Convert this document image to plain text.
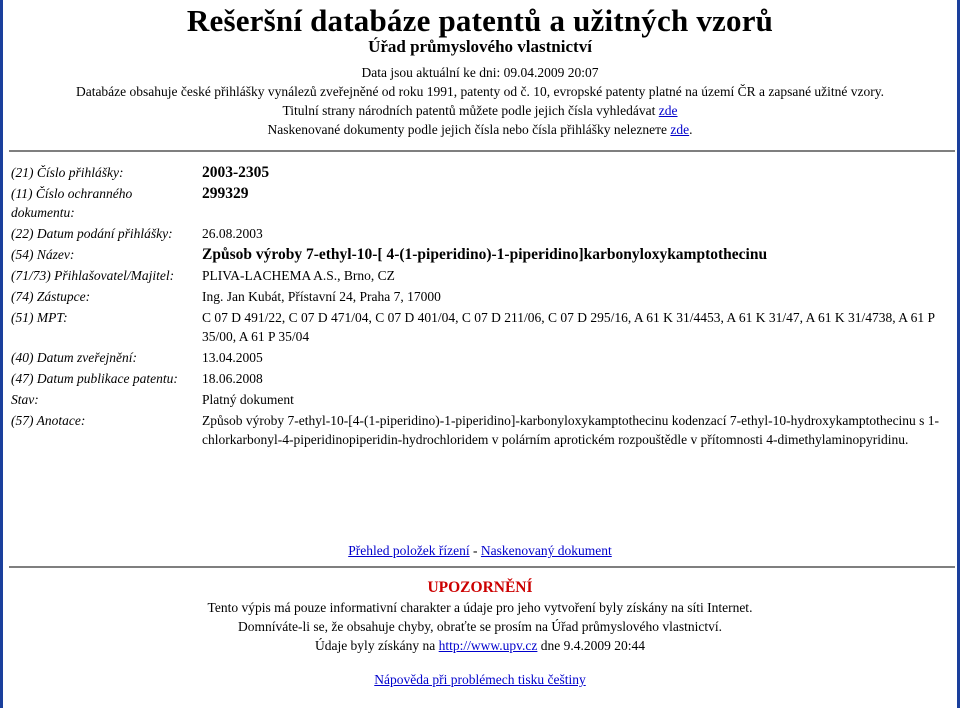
Rešeršní databáze patentů a užitných vzorů
Úřad průmyslového vlastnictví
Data jsou aktuální ke dni: 09.04.2009 20:07
Databáze obsahuje české přihlášky vynálezů zveřejněné od roku 1991, patenty od č. 10, evropské patenty platné na území ČR a zapsané užitné vzory.
Titulní strany národních patentů můžete podle jejich čísla vyhledávat zde
Naskenované dokumenty podle jejich čísla nebo čísla přihlášky nelezneте zde.
(21) Číslo přihlášky:	2003-2305
(11) Číslo ochranného dokumentu:
299329
(22) Datum podání přihlášky:	26.08.2003
(54) Název:	Způsob výroby 7-ethyl-10-[ 4-(1-piperidino)-1-piperidino]karbonyloxykamptothecinu
(71/73) Přihlašovatel/Majitel:	PLIVA-LACHEMA A.S., Brno, CZ
(74) Zástupce:	Ing. Jan Kubát, Přístavní 24, Praha 7, 17000
(51) MPT:	C 07 D 491/22, C 07 D 471/04, C 07 D 401/04, C 07 D 211/06, C 07 D 295/16, A 61 K 31/4453, A 61 K 31/47, A 61 K 31/4738, A 61 P 35/00, A 61 P 35/04
(40) Datum zveřejnění:	13.04.2005
(47) Datum publikace patentu:	18.06.2008
Stav:	Platný dokument
(57) Anotace:	Způsob výroby 7-ethyl-10-[4-(1-piperidino)-1-piperidino]-karbonyloxykamptothecinu kodenzací 7-ethyl-10-hydroxykamptothecinu s 1-chlorkarbonyl-4-piperidinopiperidin-hydrochloridem v polárním aprotickém rozpouštědle v přítomnosti 4-dimethylaminopyridinu.
Přehled položek řízení - Naskenovaný dokument
UPOZORNĚNÍ
Tento výpis má pouze informativní charakter a údaje pro jeho vytvoření byly získány na síti Internet.
Domníváte-li se, že obsahuje chyby, obraťte se prosím na Úřad průmyslového vlastnictví.
Údaje byly získány na http://www.upv.cz dne 9.4.2009 20:44
Nápověda při problémech tisku češtiny
